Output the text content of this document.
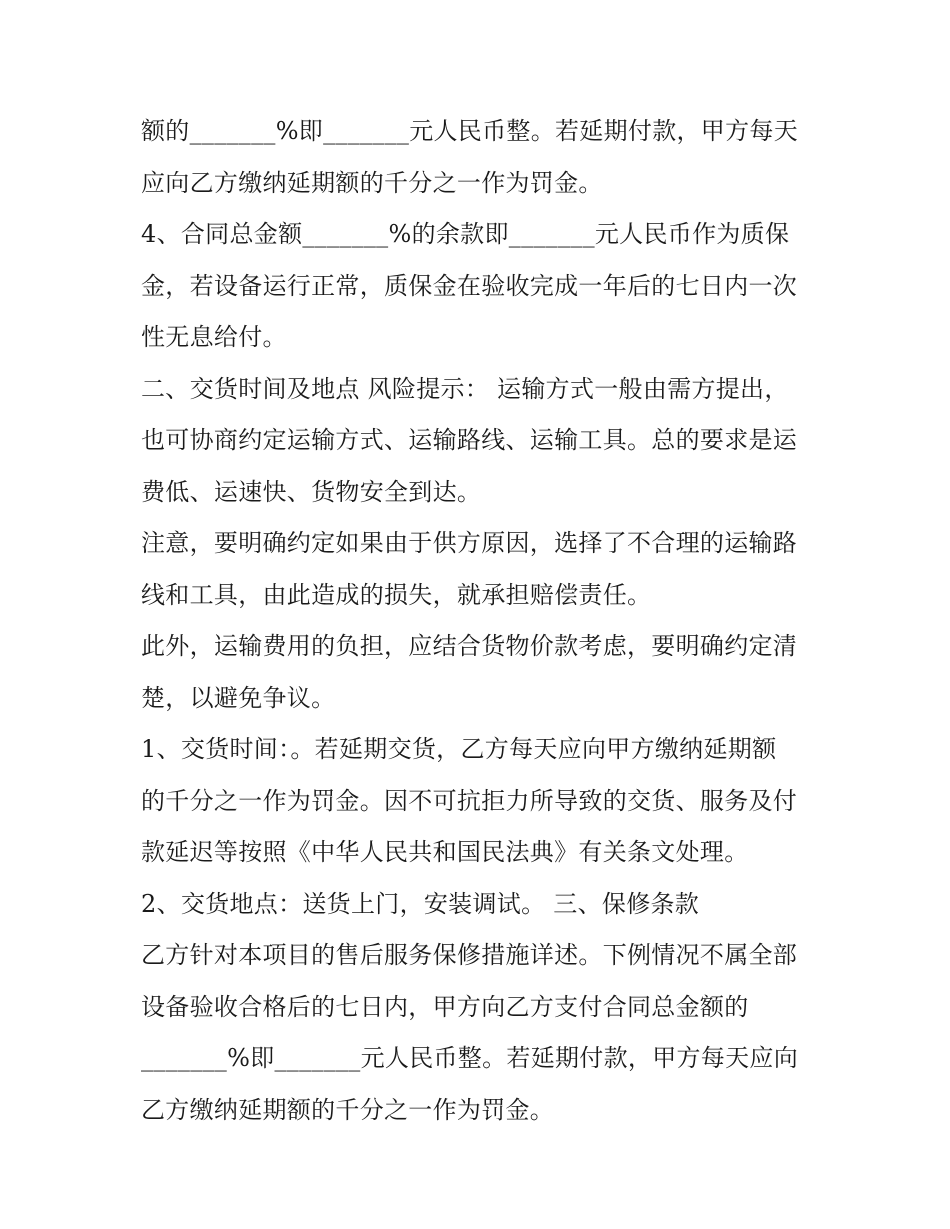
额的_______%即_______元人民币整。若延期付款，甲方每天
应向乙方缴纳延期额的千分之一作为罚金。
4、合同总金额_______%的余款即_______元人民币作为质保
金，若设备运行正常，质保金在验收完成一年后的七日内一次
性无息给付。
二、交货时间及地点 风险提示： 运输方式一般由需方提出，
也可协商约定运输方式、运输路线、运输工具。总的要求是运
费低、运速快、货物安全到达。
注意，要明确约定如果由于供方原因，选择了不合理的运输路
线和工具，由此造成的损失，就承担赔偿责任。
此外，运输费用的负担，应结合货物价款考虑，要明确约定清
楚，以避免争议。
1、交货时间：。若延期交货，乙方每天应向甲方缴纳延期额
的千分之一作为罚金。因不可抗拒力所导致的交货、服务及付
款延迟等按照《中华人民共和国民法典》有关条文处理。
2、交货地点：送货上门，安装调试。 三、保修条款
乙方针对本项目的售后服务保修措施详述。下例情况不属全部
设备验收合格后的七日内，甲方向乙方支付合同总金额的
_______%即_______元人民币整。若延期付款，甲方每天应向
乙方缴纳延期额的千分之一作为罚金。
